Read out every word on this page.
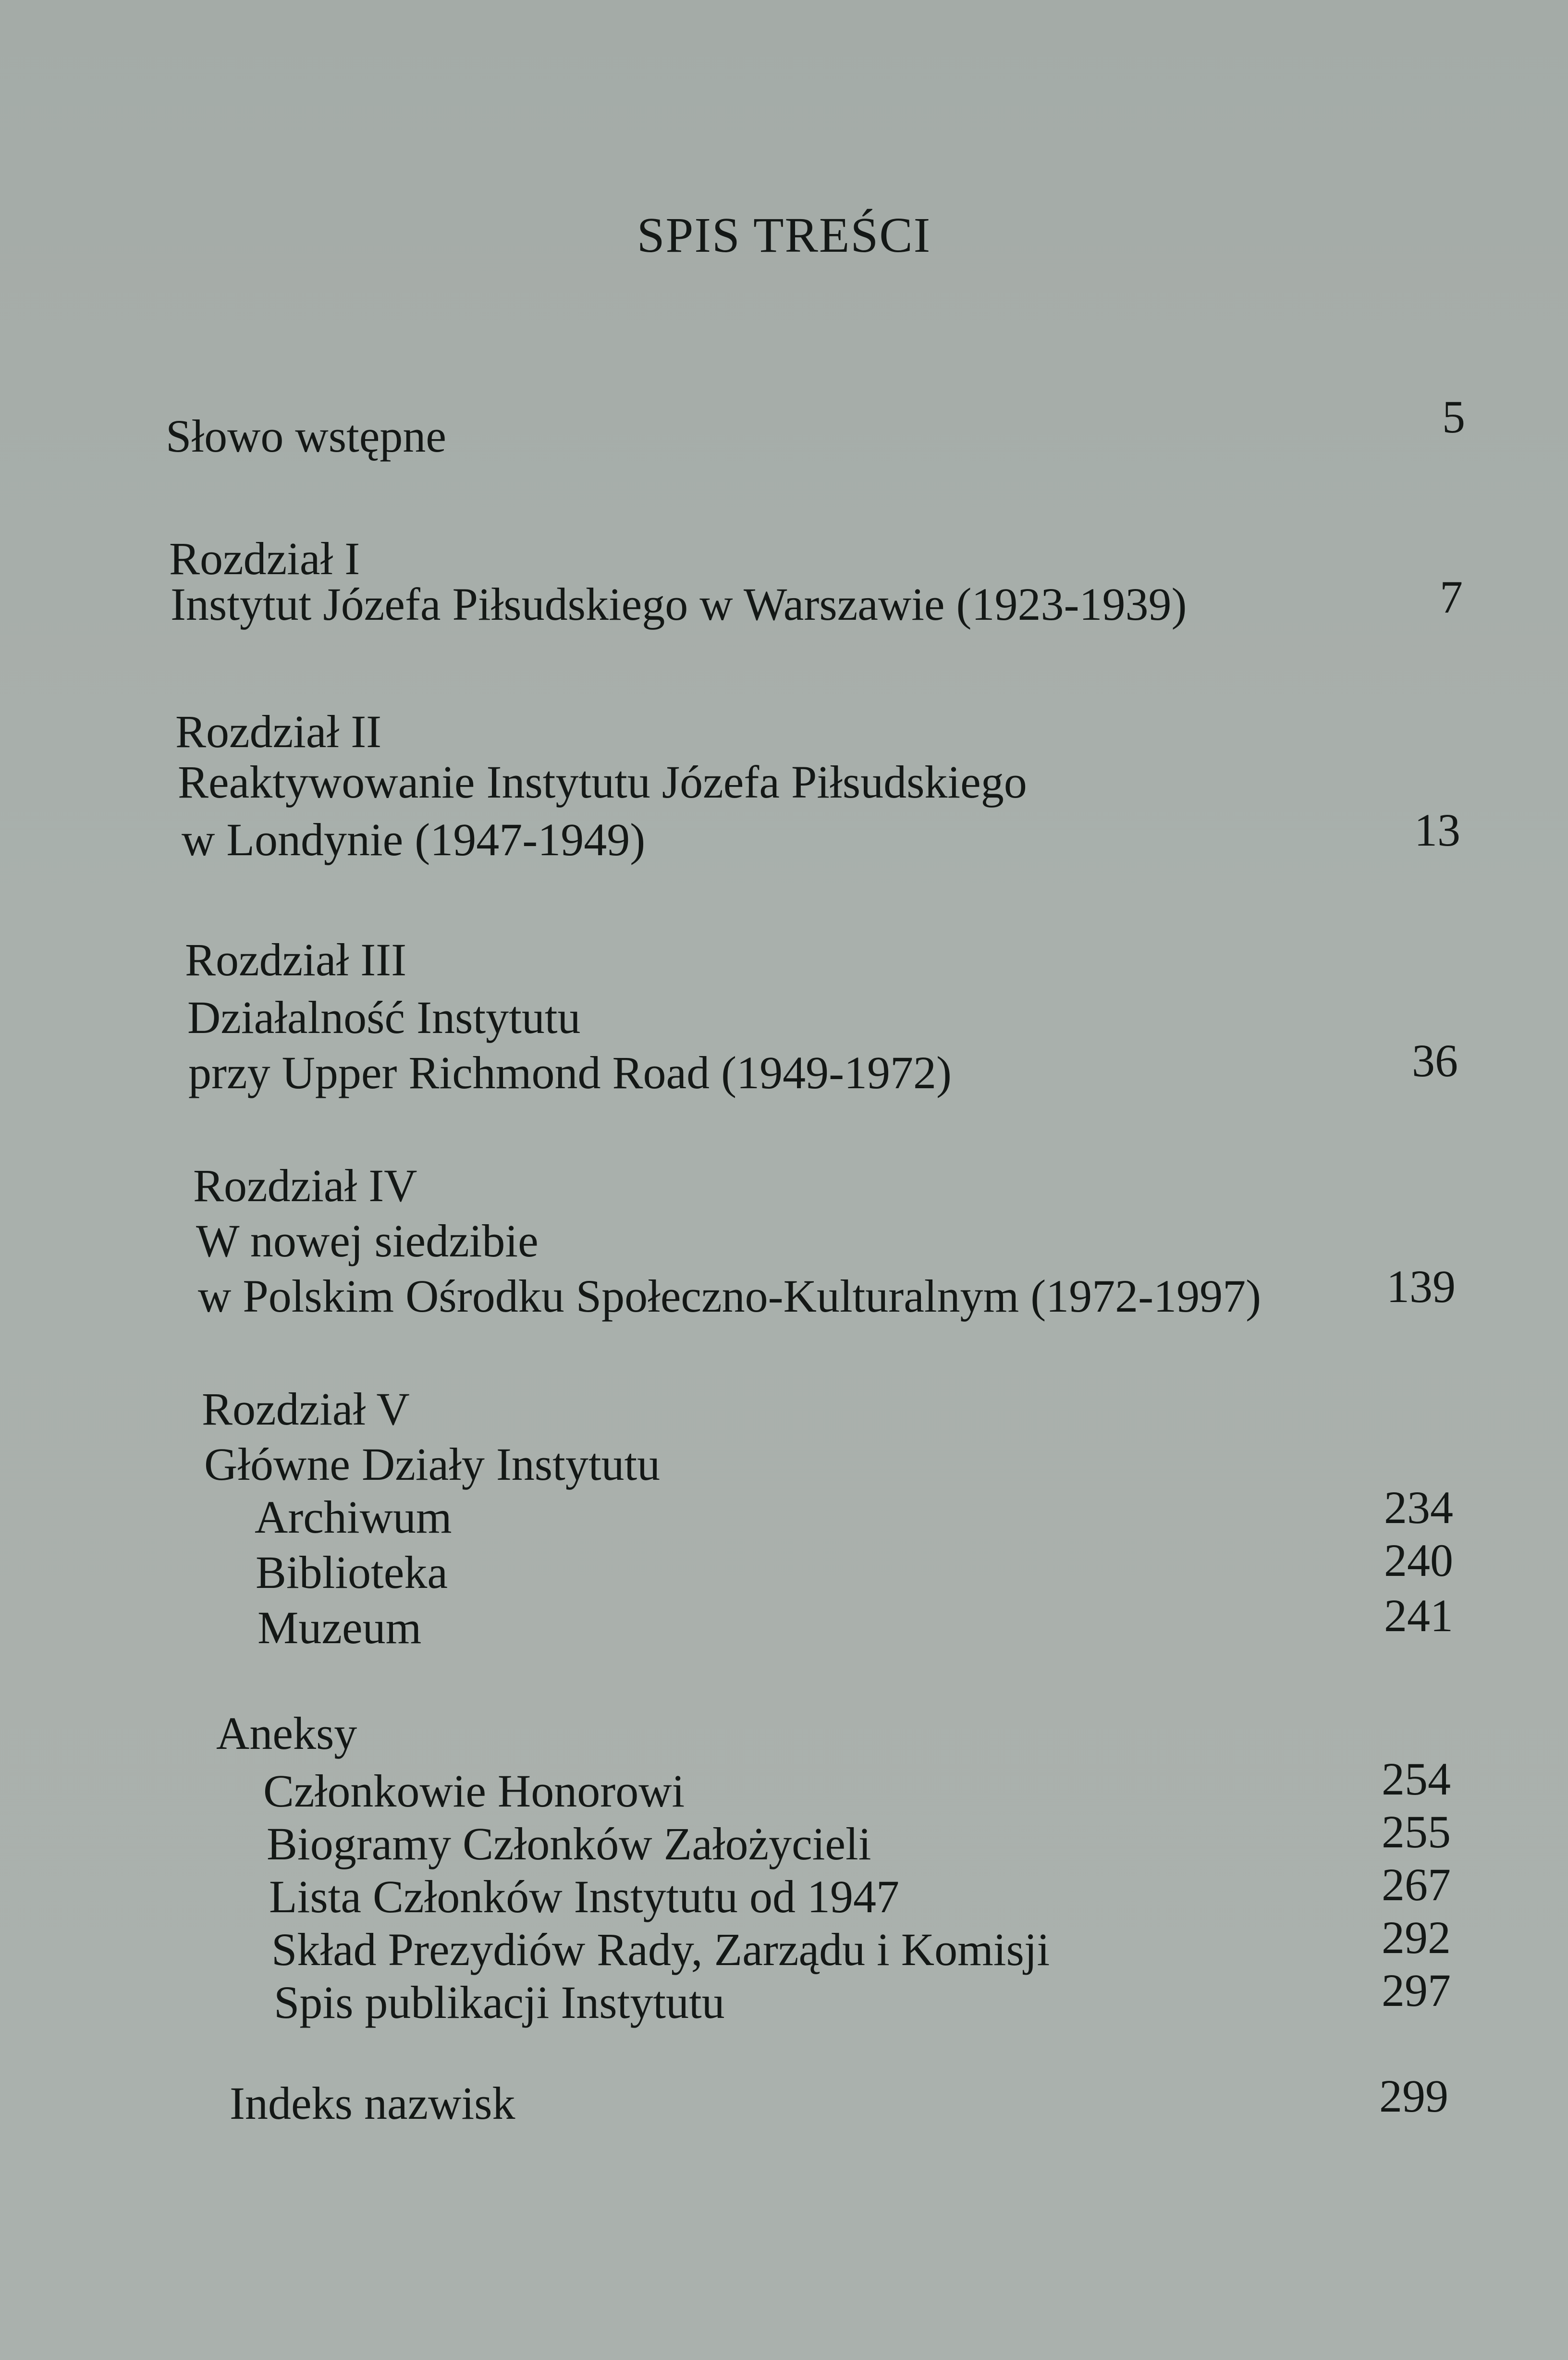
SPIS TREŚCI
Słowo wstępne	5
Rozdział I
Instytut Józefa Piłsudskiego w Warszawie (1923-1939)	7
Rozdział II
Reaktywowanie Instytutu Józefa Piłsudskiego
w Londynie (1947-1949)	13
Rozdział III
Działalność Instytutu
przy Upper Richmond Road (1949-1972)	36
Rozdział IV
W nowej siedzibie
w Polskim Ośrodku Społeczno-Kulturalnym (1972-1997)	139
Rozdział V
Główne Działy Instytutu
Archiwum	234
Biblioteka	240
Muzeum	241
Aneksy
Członkowie Honorowi	254
Biogramy Członków Założycieli	255
Lista Członków Instytutu od 1947	267
Skład Prezydiów Rady, Zarządu i Komisji	292
Spis publikacji Instytutu	297
Indeks nazwisk	299
